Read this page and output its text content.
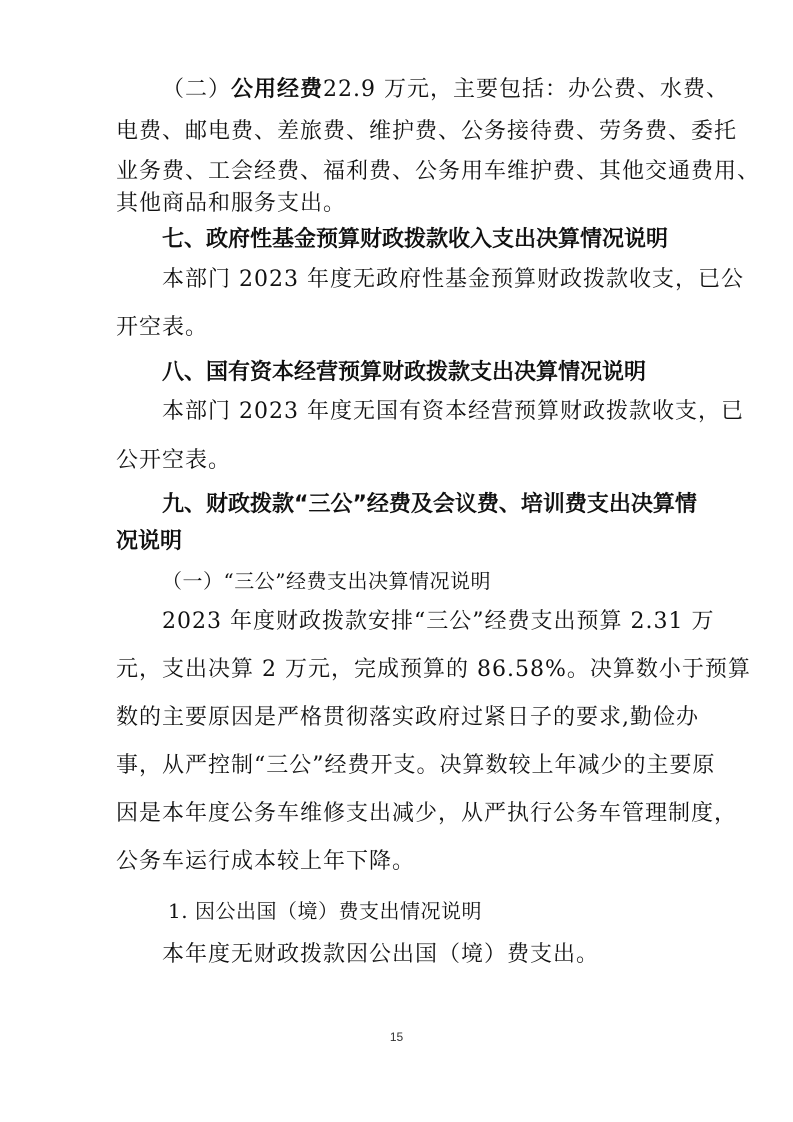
（二）公用经费22.9 万元，主要包括：办公费、水费、
电费、邮电费、差旅费、维护费、公务接待费、劳务费、委托
业务费、工会经费、福利费、公务用车维护费、其他交通费用、
其他商品和服务支出。
七、政府性基金预算财政拨款收入支出决算情况说明
本部门 2023 年度无政府性基金预算财政拨款收支，已公
开空表。
八、国有资本经营预算财政拨款支出决算情况说明
本部门 2023 年度无国有资本经营预算财政拨款收支，已
公开空表。
九、财政拨款“三公”经费及会议费、培训费支出决算情
况说明
（一）“三公”经费支出决算情况说明
2023 年度财政拨款安排“三公”经费支出预算 2.31 万
元，支出决算 2 万元，完成预算的 86.58%。决算数小于预算
数的主要原因是严格贯彻落实政府过紧日子的要求,勤俭办
事，从严控制“三公”经费开支。决算数较上年减少的主要原
因是本年度公务车维修支出减少，从严执行公务车管理制度，
公务车运行成本较上年下降。
1. 因公出国（境）费支出情况说明
本年度无财政拨款因公出国（境）费支出。
15
